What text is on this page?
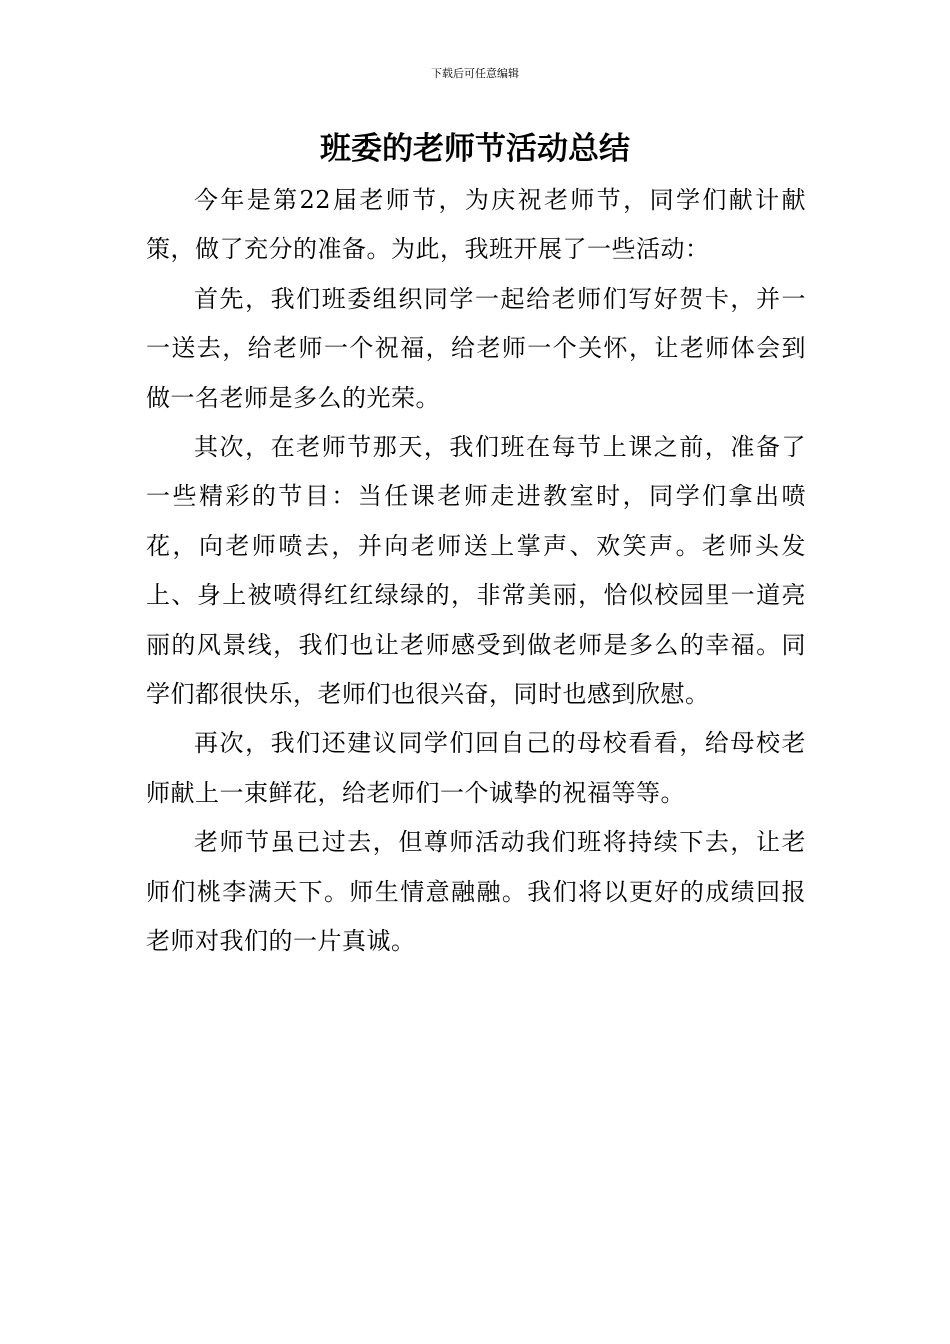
下载后可任意编辑
班委的老师节活动总结

今年是第22届老师节，为庆祝老师节，同学们献计献策，做了充分的准备。为此，我班开展了一些活动：

首先，我们班委组织同学一起给老师们写好贺卡，并一一送去，给老师一个祝福，给老师一个关怀，让老师体会到做一名老师是多么的光荣。

其次，在老师节那天，我们班在每节上课之前，准备了一些精彩的节目：当任课老师走进教室时，同学们拿出喷花，向老师喷去，并向老师送上掌声、欢笑声。老师头发上、身上被喷得红红绿绿的，非常美丽，恰似校园里一道亮丽的风景线，我们也让老师感受到做老师是多么的幸福。同学们都很快乐，老师们也很兴奋，同时也感到欣慰。

再次，我们还建议同学们回自己的母校看看，给母校老师献上一束鲜花，给老师们一个诚挚的祝福等等。

老师节虽已过去，但尊师活动我们班将持续下去，让老师们桃李满天下。师生情意融融。我们将以更好的成绩回报老师对我们的一片真诚。
